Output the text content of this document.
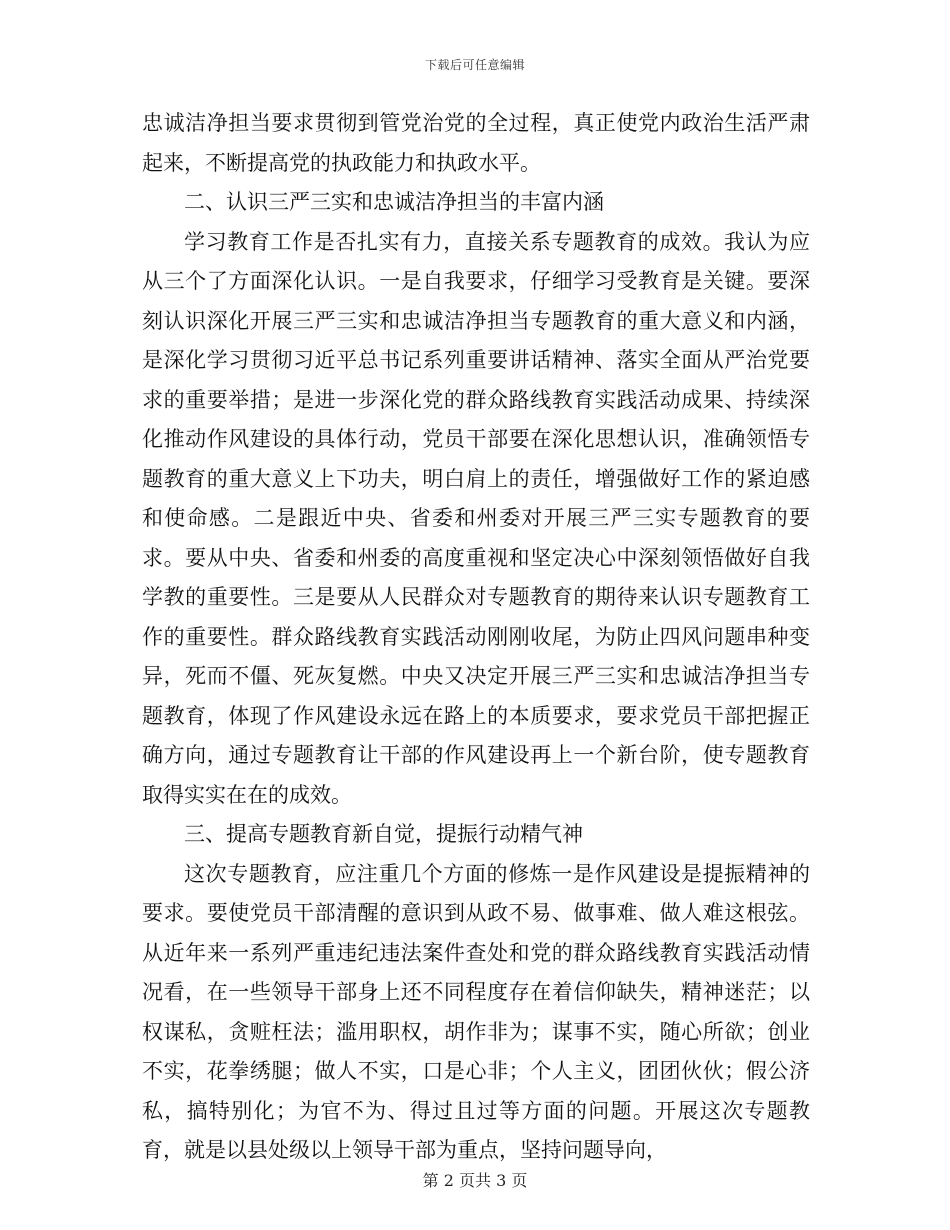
下载后可任意编辑

忠诚洁净担当要求贯彻到管党治党的全过程，真正使党内政治生活严肃起来，不断提高党的执政能力和执政水平。

二、认识三严三实和忠诚洁净担当的丰富内涵

学习教育工作是否扎实有力，直接关系专题教育的成效。我认为应从三个了方面深化认识。一是自我要求，仔细学习受教育是关键。要深刻认识深化开展三严三实和忠诚洁净担当专题教育的重大意义和内涵，是深化学习贯彻习近平总书记系列重要讲话精神、落实全面从严治党要求的重要举措；是进一步深化党的群众路线教育实践活动成果、持续深化推动作风建设的具体行动，党员干部要在深化思想认识，准确领悟专题教育的重大意义上下功夫，明白肩上的责任，增强做好工作的紧迫感和使命感。二是跟近中央、省委和州委对开展三严三实专题教育的要求。要从中央、省委和州委的高度重视和坚定决心中深刻领悟做好自我学教的重要性。三是要从人民群众对专题教育的期待来认识专题教育工作的重要性。群众路线教育实践活动刚刚收尾，为防止四风问题串种变异，死而不僵、死灰复燃。中央又决定开展三严三实和忠诚洁净担当专题教育，体现了作风建设永远在路上的本质要求，要求党员干部把握正确方向，通过专题教育让干部的作风建设再上一个新台阶，使专题教育取得实实在在的成效。

三、提高专题教育新自觉，提振行动精气神

这次专题教育，应注重几个方面的修炼一是作风建设是提振精神的要求。要使党员干部清醒的意识到从政不易、做事难、做人难这根弦。从近年来一系列严重违纪违法案件查处和党的群众路线教育实践活动情况看，在一些领导干部身上还不同程度存在着信仰缺失，精神迷茫；以权谋私，贪赃枉法；滥用职权，胡作非为；谋事不实，随心所欲；创业不实，花拳绣腿；做人不实，口是心非；个人主义，团团伙伙；假公济私，搞特别化；为官不为、得过且过等方面的问题。开展这次专题教育，就是以县处级以上领导干部为重点，坚持问题导向，

第 2 页共 3 页
